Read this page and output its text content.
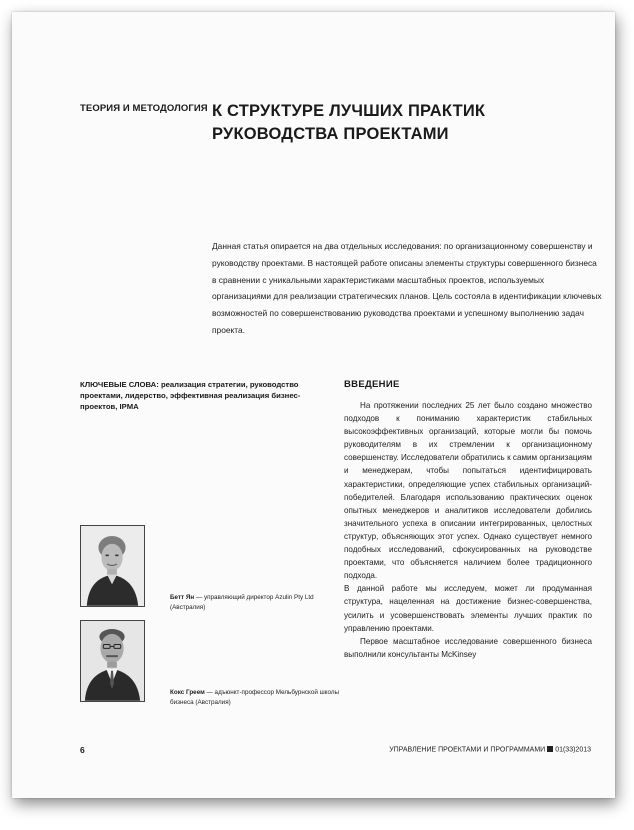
ТЕОРИЯ И МЕТОДОЛОГИЯ К СТРУКТУРЕ ЛУЧШИХ ПРАКТИК
РУКОВОДСТВА ПРОЕКТАМИ
Данная статья опирается на два отдельных исследования: по организационному совершенству и руководству проектами. В настоящей работе описаны элементы структуры совершенного бизнеса в сравнении с уникальными характеристиками масштабных проектов, используемых организациями для реализации стратегических планов. Цель состояла в идентификации ключевых возможностей по совершенствованию руководства проектами и успешному выполнению задач проекта.
КЛЮЧЕВЫЕ СЛОВА: реализация стратегии, руководство проектами, лидерство, эффективная реализация бизнес-проектов, IPMA
ВВЕДЕНИЕ

На протяжении последних 25 лет было создано множество подходов к пониманию характеристик стабильных высокоэффективных организаций, которые могли бы помочь руководителям в их стремлении к организационному совершенству. Исследователи обратились к самим организациям и менеджерам, чтобы попытаться идентифицировать характеристики, определяющие успех стабильных организаций-победителей. Благодаря использованию практических оценок опытных менеджеров и аналитиков исследователи добились значительного успеха в описании интегрированных, целостных структур, объясняющих этот успех. Однако существует немного подобных исследований, сфокусированных на руководстве проектами, что объясняется наличием более традиционного подхода.

В данной работе мы исследуем, может ли продуманная структура, нацеленная на достижение бизнес-совершенства, усилить и усовершенствовать элементы лучших практик по управлению проектами.

Первое масштабное исследование совершенного бизнеса выполнили консультанты McKinsey

Бетт Ян — управляющий директор Azulin Pty Ltd (Австралия)
Кокс Греем — адъюнкт-профессор Мельбурнской школы бизнеса (Австралия)
6	УПРАВЛЕНИЕ ПРОЕКТАМИ И ПРОГРАММАМИ 01(33)2013
